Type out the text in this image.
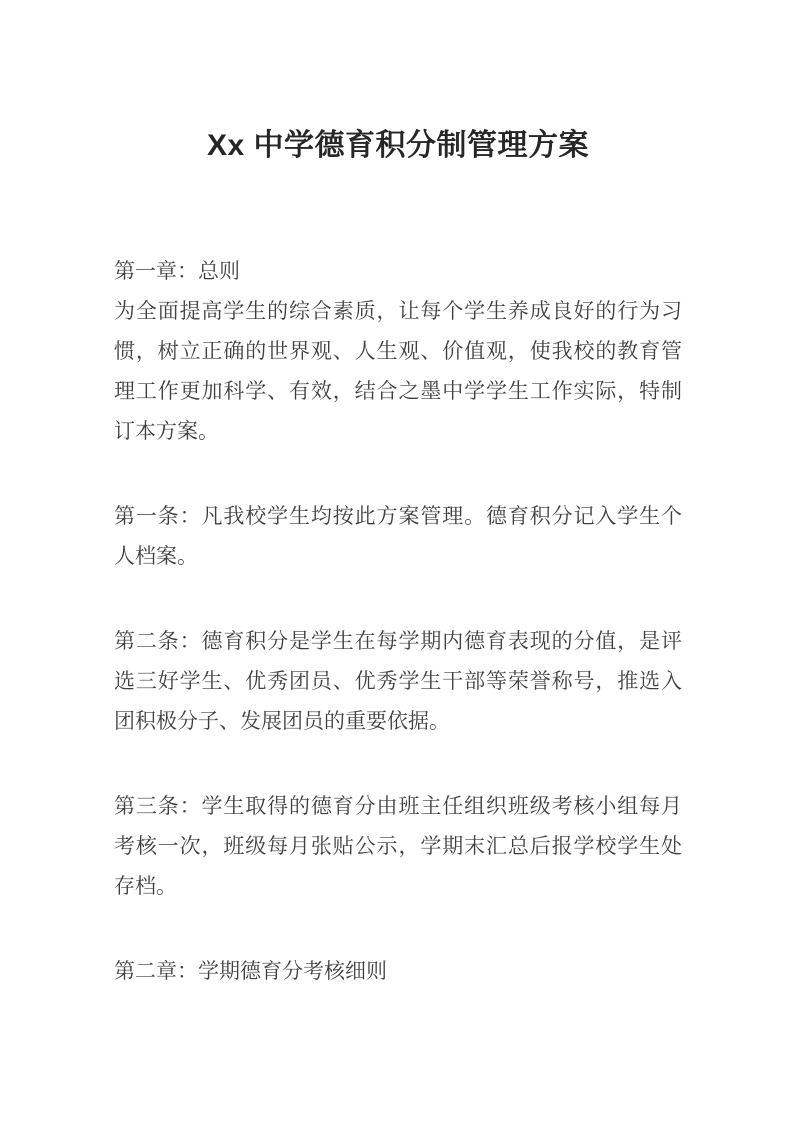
Xx 中学德育积分制管理方案
第一章：总则
为全面提高学生的综合素质，让每个学生养成良好的行为习
惯，树立正确的世界观、人生观、价值观，使我校的教育管
理工作更加科学、有效，结合之墨中学学生工作实际，特制
订本方案。
第一条：凡我校学生均按此方案管理。德育积分记入学生个
人档案。
第二条：德育积分是学生在每学期内德育表现的分值，是评
选三好学生、优秀团员、优秀学生干部等荣誉称号，推选入
团积极分子、发展团员的重要依据。
第三条：学生取得的德育分由班主任组织班级考核小组每月
考核一次，班级每月张贴公示，学期末汇总后报学校学生处
存档。
第二章：学期德育分考核细则
